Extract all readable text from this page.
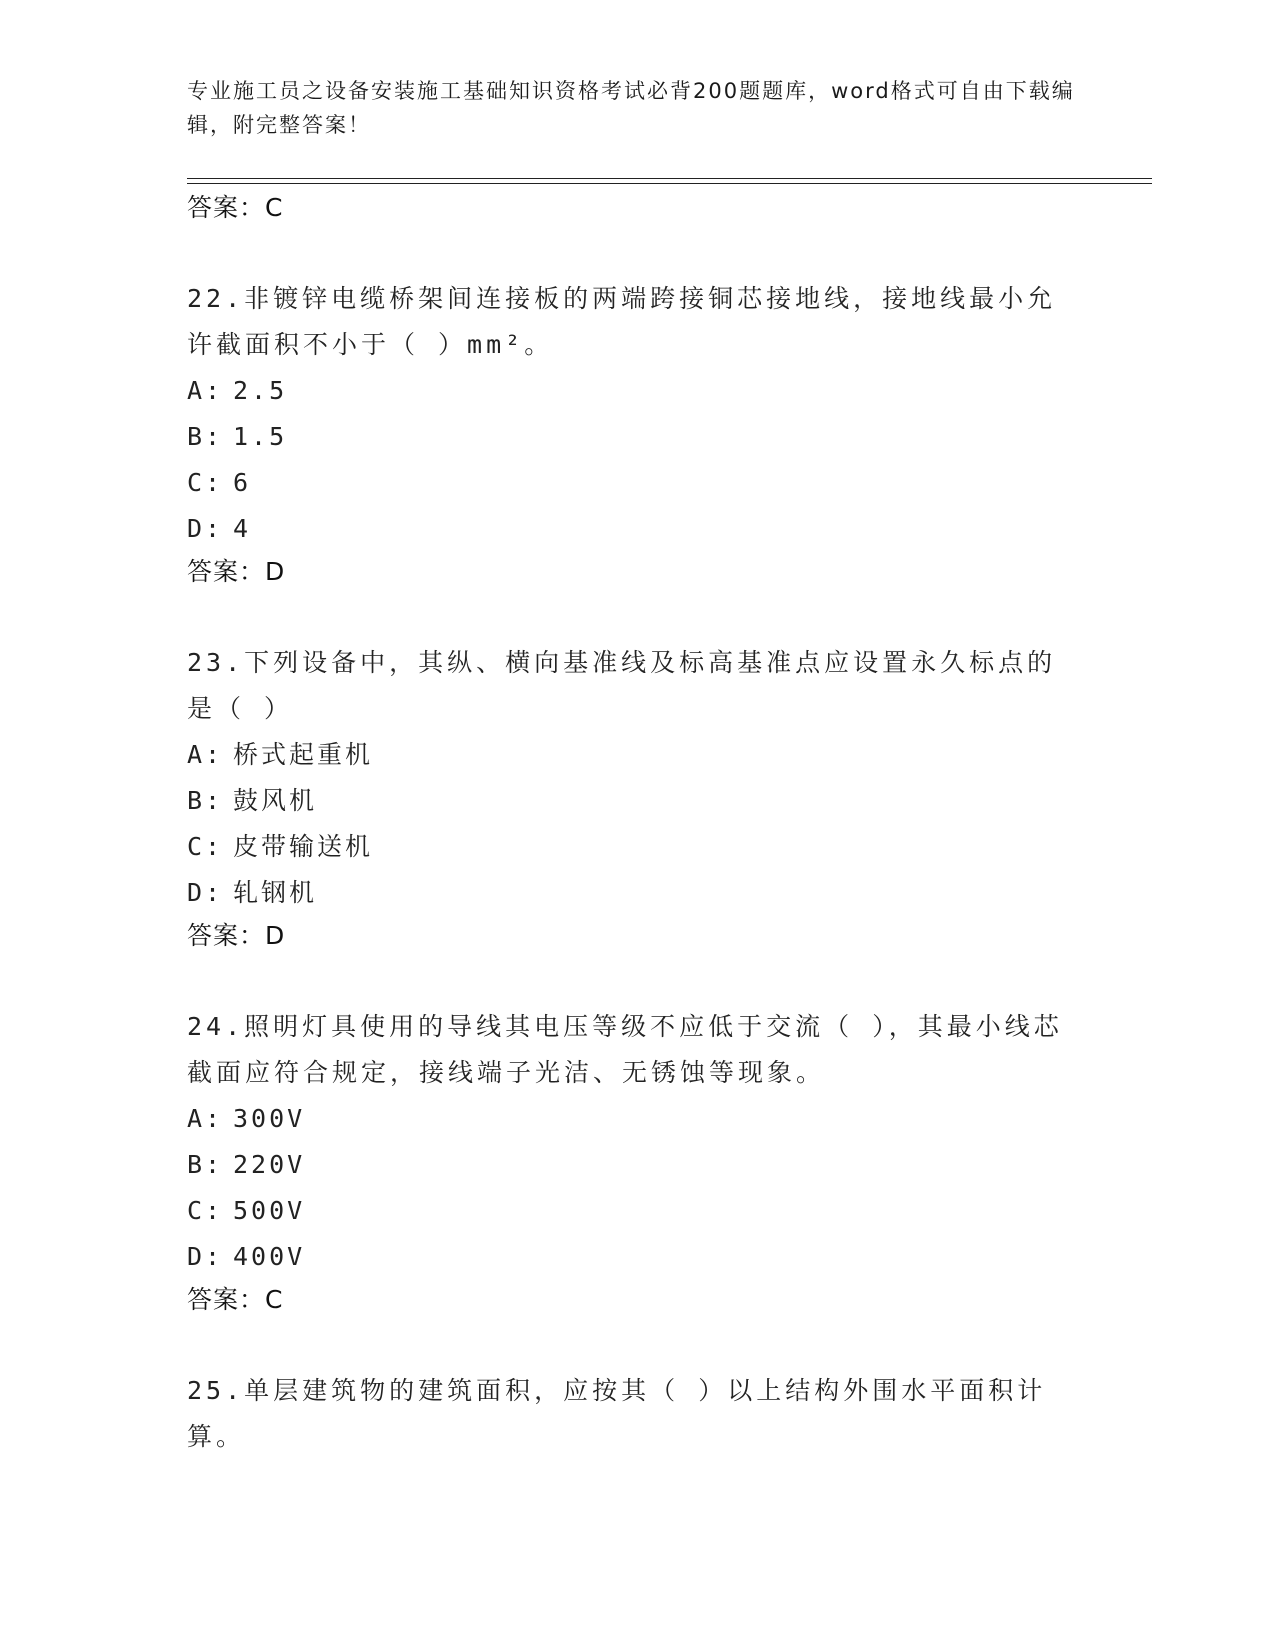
专业施工员之设备安装施工基础知识资格考试必背200题题库，word格式可自由下载编辑，附完整答案！
答案：C
22.非镀锌电缆桥架间连接板的两端跨接铜芯接地线，接地线最小允许截面积不小于（ ）mm²。
A: 2.5
B: 1.5
C: 6
D: 4
答案：D
23.下列设备中，其纵、横向基准线及标高基准点应设置永久标点的是（ ）
A: 桥式起重机
B: 鼓风机
C: 皮带输送机
D: 轧钢机
答案：D
24.照明灯具使用的导线其电压等级不应低于交流（ ），其最小线芯截面应符合规定，接线端子光洁、无锈蚀等现象。
A: 300V
B: 220V
C: 500V
D: 400V
答案：C
25.单层建筑物的建筑面积，应按其（ ）以上结构外围水平面积计算。
